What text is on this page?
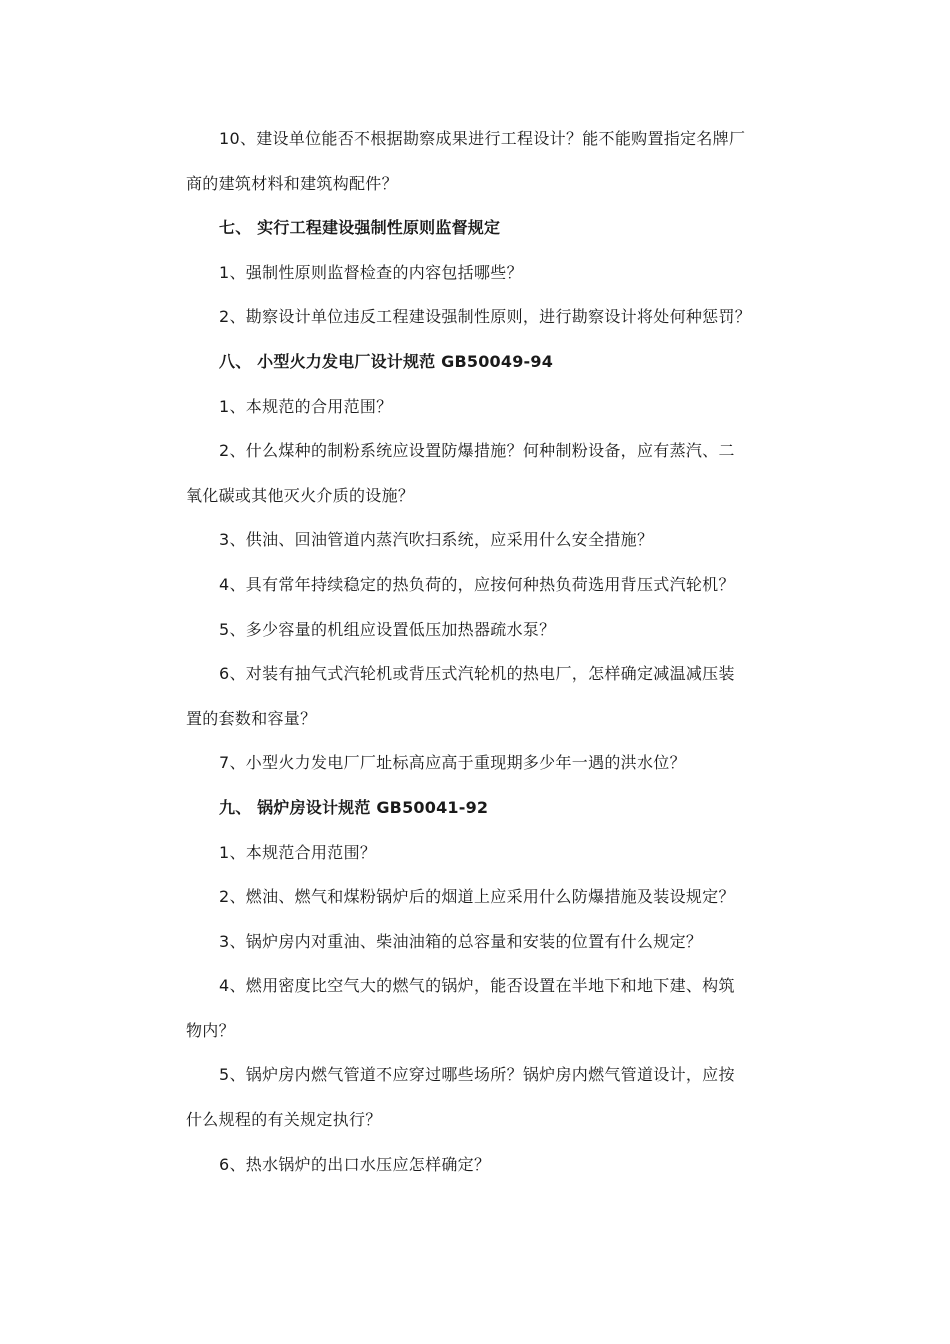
10、建设单位能否不根据勘察成果进行工程设计？能不能购置指定名牌厂
商的建筑材料和建筑构配件？
七、 实行工程建设强制性原则监督规定
1、强制性原则监督检查的内容包括哪些？
2、勘察设计单位违反工程建设强制性原则，进行勘察设计将处何种惩罚？
八、 小型火力发电厂设计规范 GB50049-94
1、本规范的合用范围？
2、什么煤种的制粉系统应设置防爆措施？何种制粉设备，应有蒸汽、二
氧化碳或其他灭火介质的设施？
3、供油、回油管道内蒸汽吹扫系统，应采用什么安全措施？
4、具有常年持续稳定的热负荷的，应按何种热负荷选用背压式汽轮机？
5、多少容量的机组应设置低压加热器疏水泵？
6、对装有抽气式汽轮机或背压式汽轮机的热电厂，怎样确定减温减压装
置的套数和容量？
7、小型火力发电厂厂址标高应高于重现期多少年一遇的洪水位？
九、 锅炉房设计规范 GB50041-92
1、本规范合用范围？
2、燃油、燃气和煤粉锅炉后的烟道上应采用什么防爆措施及装设规定？
3、锅炉房内对重油、柴油油箱的总容量和安装的位置有什么规定？
4、燃用密度比空气大的燃气的锅炉，能否设置在半地下和地下建、构筑
物内？
5、锅炉房内燃气管道不应穿过哪些场所？锅炉房内燃气管道设计，应按
什么规程的有关规定执行？
6、热水锅炉的出口水压应怎样确定？
